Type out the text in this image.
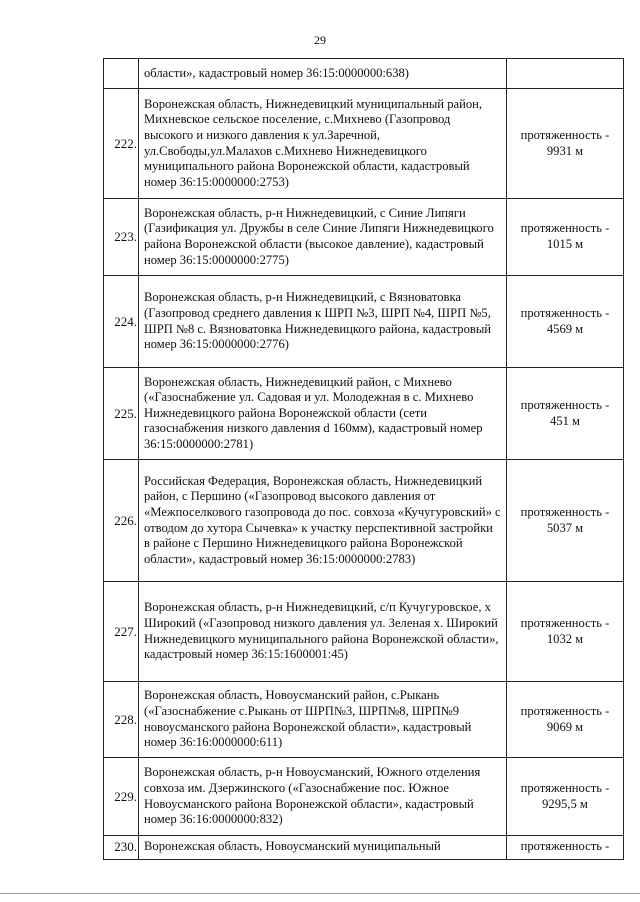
29
	области», кадастровый номер 36:15:0000000:638)	

222.	Воронежская область, Нижнедевицкий муниципальный район, Михневское сельское поселение, с.Михнево (Газопровод высокого и низкого давления к ул.Заречной, ул.Свободы,ул.Малахов с.Михнево Нижнедевицкого муниципального района Воронежской области, кадастровый номер 36:15:0000000:2753)	протяженность -
9931 м

223.	Воронежская область, р-н Нижнедевицкий, с Синие Липяги (Газификация ул. Дружбы в селе Синие Липяги Нижнедевицкого района Воронежской области (высокое давление), кадастровый номер 36:15:0000000:2775)	протяженность -
1015 м

224.	Воронежская область, р-н Нижнедевицкий, с Вязноватовка (Газопровод среднего давления к ШРП №3, ШРП №4, ШРП №5, ШРП №8 с. Вязноватовка Нижнедевицкого района, кадастровый номер 36:15:0000000:2776)	протяженность -
4569 м

225.	Воронежская область, Нижнедевицкий район, с Михнево («Газоснабжение ул. Садовая и ул. Молодежная в с. Михнево Нижнедевицкого района Воронежской области (сети газоснабжения низкого давления d 160мм), кадастровый номер 36:15:0000000:2781)	протяженность -
451 м

226.	Российская Федерация, Воронежская область, Нижнедевицкий район, с Першино («Газопровод высокого давления от «Межпоселкового газопровода до пос. совхоза «Кучугуровский» с отводом до хутора Сычевка» к участку перспективной застройки в районе с Першино Нижнедевицкого района Воронежской области», кадастровый номер 36:15:0000000:2783)	протяженность -
5037 м

227.	Воронежская область, р-н Нижнедевицкий, с/п Кучугуровское, х Широкий («Газопровод низкого давления ул. Зеленая х. Широкий Нижнедевицкого муниципального района Воронежской области», кадастровый номер 36:15:1600001:45)	протяженность -
1032 м

228.	Воронежская область, Новоусманский район, с.Рыкань («Газоснабжение с.Рыкань от ШРП№3, ШРП№8, ШРП№9 новоусманского района Воронежской области», кадастровый номер 36:16:0000000:611)	протяженность -
9069 м

229.	Воронежская область, р-н Новоусманский, Южного отделения совхоза им. Дзержинского («Газоснабжение пос. Южное Новоусманского района Воронежской области», кадастровый номер 36:16:0000000:832)	протяженность -
9295,5 м

230.	Воронежская область, Новоусманский муниципальный	протяженность -
